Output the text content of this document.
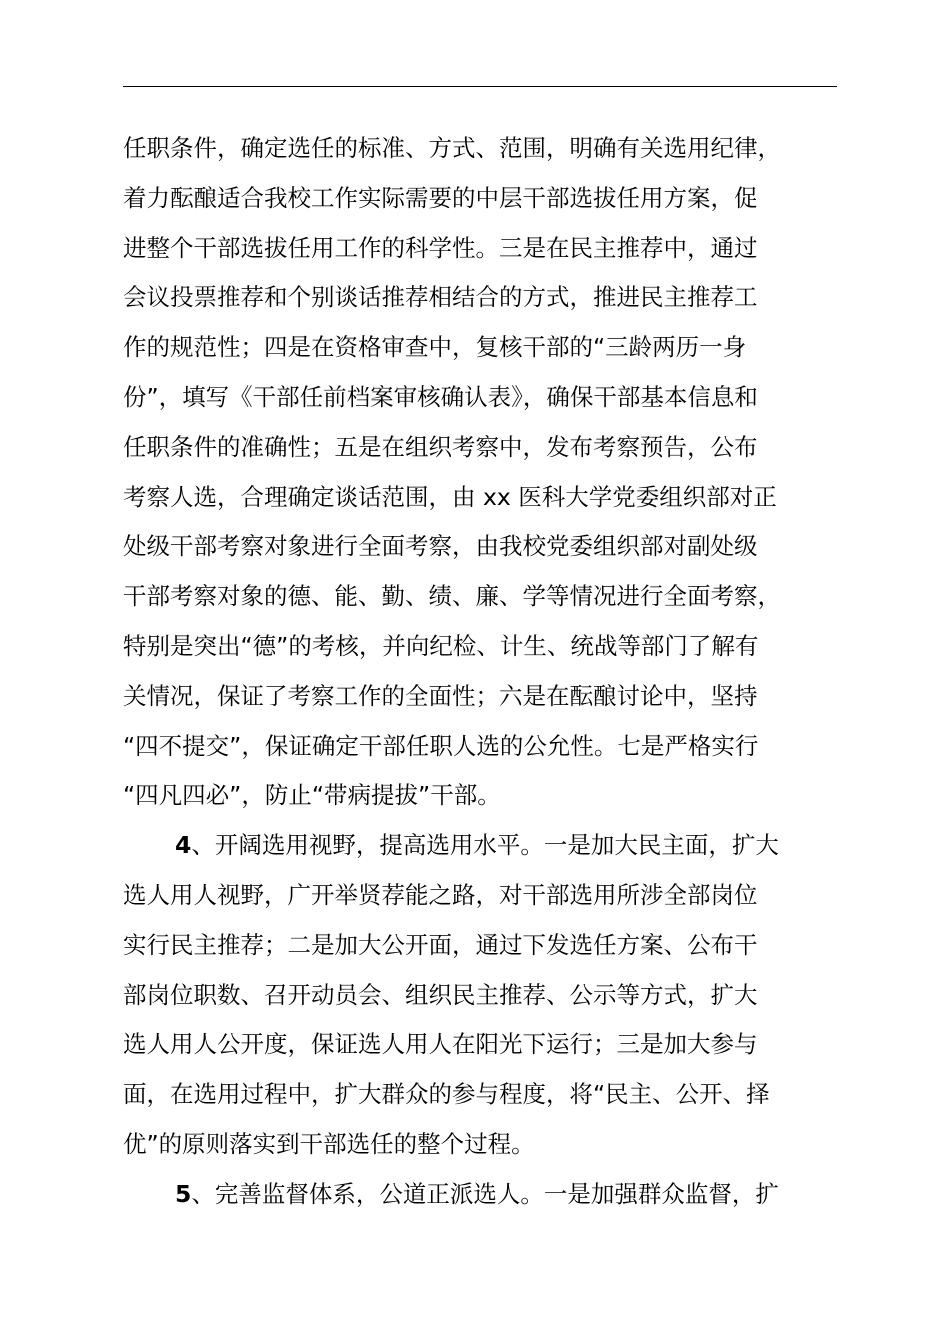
任职条件，确定选任的标准、方式、范围，明确有关选用纪律，
着力酝酿适合我校工作实际需要的中层干部选拔任用方案，促
进整个干部选拔任用工作的科学性。三是在民主推荐中，通过
会议投票推荐和个别谈话推荐相结合的方式，推进民主推荐工
作的规范性；四是在资格审查中，复核干部的“三龄两历一身
份”，填写《干部任前档案审核确认表》，确保干部基本信息和
任职条件的准确性；五是在组织考察中，发布考察预告，公布
考察人选，合理确定谈话范围，由 xx 医科大学党委组织部对正
处级干部考察对象进行全面考察，由我校党委组织部对副处级
干部考察对象的德、能、勤、绩、廉、学等情况进行全面考察，
特别是突出“德”的考核，并向纪检、计生、统战等部门了解有
关情况，保证了考察工作的全面性；六是在酝酿讨论中，坚持
“四不提交”，保证确定干部任职人选的公允性。七是严格实行
“四凡四必”，防止“带病提拔”干部。
4、开阔选用视野，提高选用水平。一是加大民主面，扩大
选人用人视野，广开举贤荐能之路，对干部选用所涉全部岗位
实行民主推荐；二是加大公开面，通过下发选任方案、公布干
部岗位职数、召开动员会、组织民主推荐、公示等方式，扩大
选人用人公开度，保证选人用人在阳光下运行；三是加大参与
面，在选用过程中，扩大群众的参与程度，将“民主、公开、择
优”的原则落实到干部选任的整个过程。
5、完善监督体系，公道正派选人。一是加强群众监督，扩
